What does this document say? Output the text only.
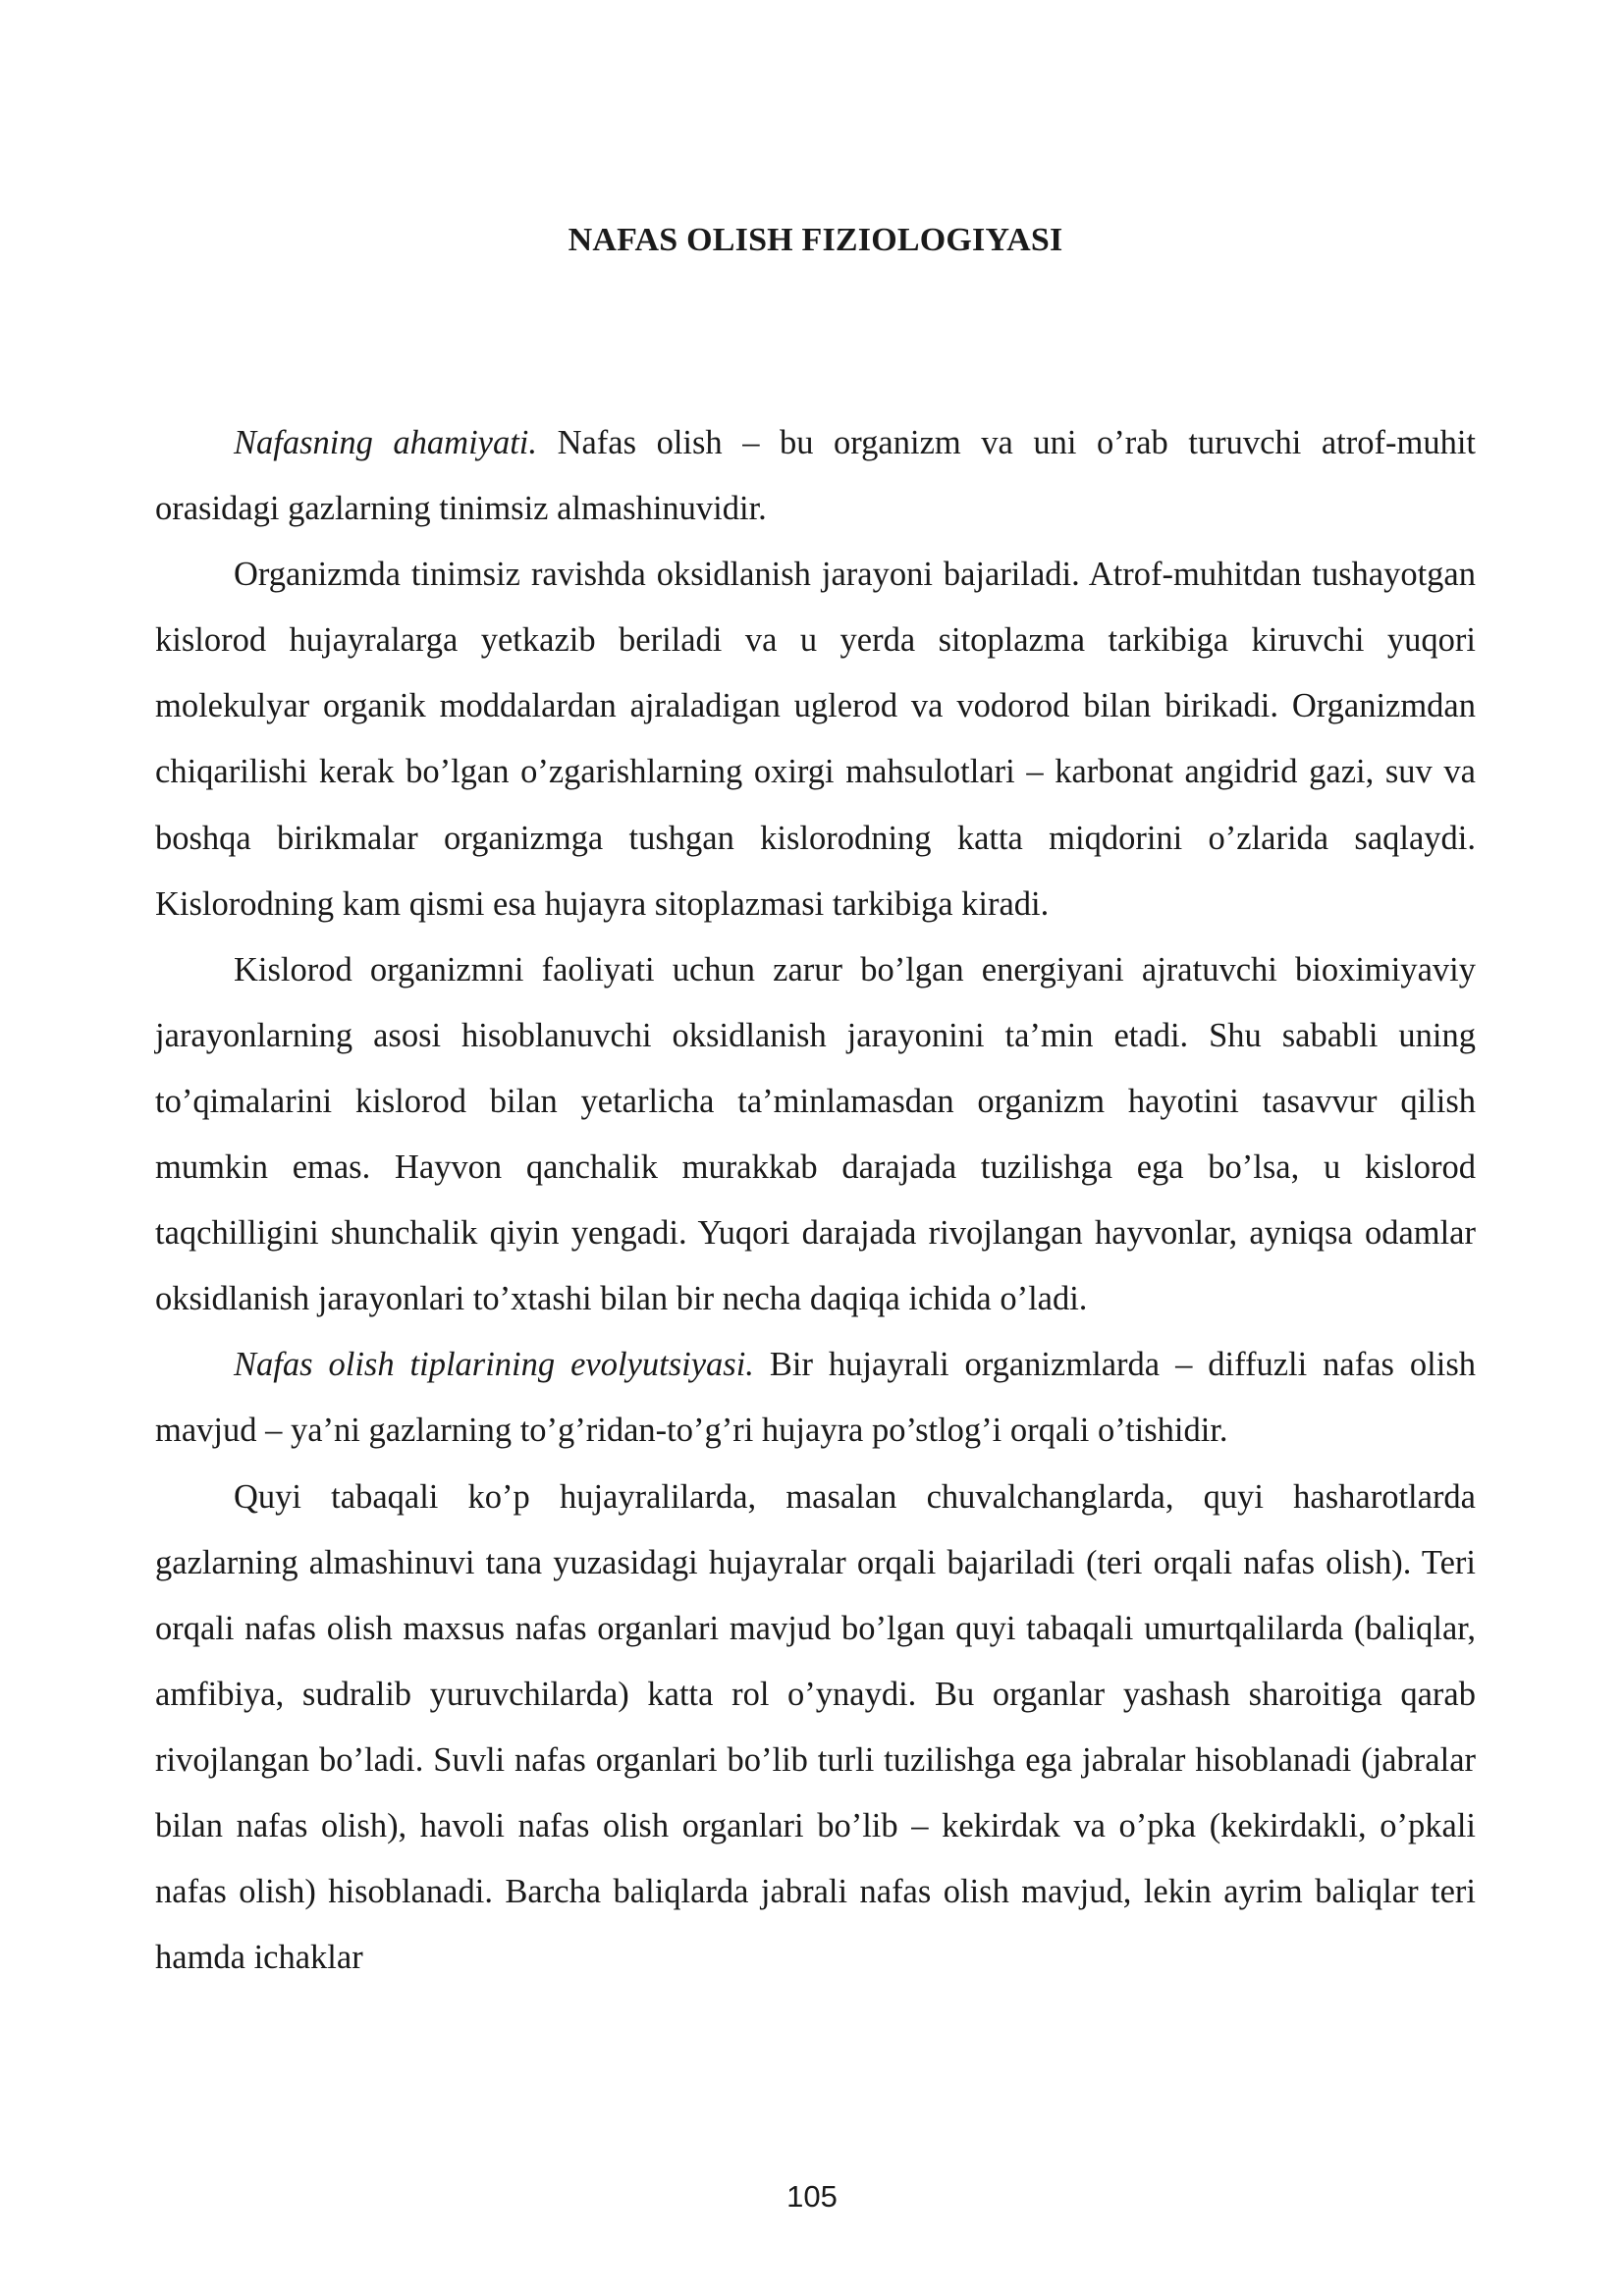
NAFAS OLISH FIZIOLOGIYASI

Nafasning ahamiyati. Nafas olish – bu organizm va uni o’rab turuvchi atrof-muhit orasidagi gazlarning tinimsiz almashinuvidir.

Organizmda tinimsiz ravishda oksidlanish jarayoni bajariladi. Atrof-muhitdan tushayotgan kislorod hujayralarga yetkazib beriladi va u yerda sitoplazma tarkibiga kiruvchi yuqori molekulyar organik moddalardan ajraladigan uglerod va vodorod bilan birikadi. Organizmdan chiqarilishi kerak bo’lgan o’zgarishlarning oxirgi mahsulotlari – karbonat angidrid gazi, suv va boshqa birikmalar organizmga tushgan kislorodning katta miqdorini o’zlarida saqlaydi. Kislorodning kam qismi esa hujayra sitoplazmasi tarkibiga kiradi.

Kislorod organizmni faoliyati uchun zarur bo’lgan energiyani ajratuvchi bioximiyaviy jarayonlarning asosi hisoblanuvchi oksidlanish jarayonini ta’min etadi. Shu sababli uning to’qimalarini kislorod bilan yetarlicha ta’minlamasdan organizm hayotini tasavvur qilish mumkin emas. Hayvon qanchalik murakkab darajada tuzilishga ega bo’lsa, u kislorod taqchilligini shunchalik qiyin yengadi. Yuqori darajada rivojlangan hayvonlar, ayniqsa odamlar oksidlanish jarayonlari to’xtashi bilan bir necha daqiqa ichida o’ladi.

Nafas olish tiplarining evolyutsiyasi. Bir hujayrali organizmlarda – diffuzli nafas olish mavjud – ya’ni gazlarning to’g’ridan-to’g’ri hujayra po’stlog’i orqali o’tishidir.

Quyi tabaqali ko’p hujayralilarda, masalan chuvalchanglarda, quyi hasharotlarda gazlarning almashinuvi tana yuzasidagi hujayralar orqali bajariladi (teri orqali nafas olish). Teri orqali nafas olish maxsus nafas organlari mavjud bo’lgan quyi tabaqali umurtqalilarda (baliqlar, amfibiya, sudralib yuruvchilarda) katta rol o’ynaydi. Bu organlar yashash sharoitiga qarab rivojlangan bo’ladi. Suvli nafas organlari bo’lib turli tuzilishga ega jabralar hisoblanadi (jabralar bilan nafas olish), havoli nafas olish organlari bo’lib – kekirdak va o’pka (kekirdakli, o’pkali nafas olish) hisoblanadi. Barcha baliqlarda jabrali nafas olish mavjud, lekin ayrim baliqlar teri hamda ichaklar

105
